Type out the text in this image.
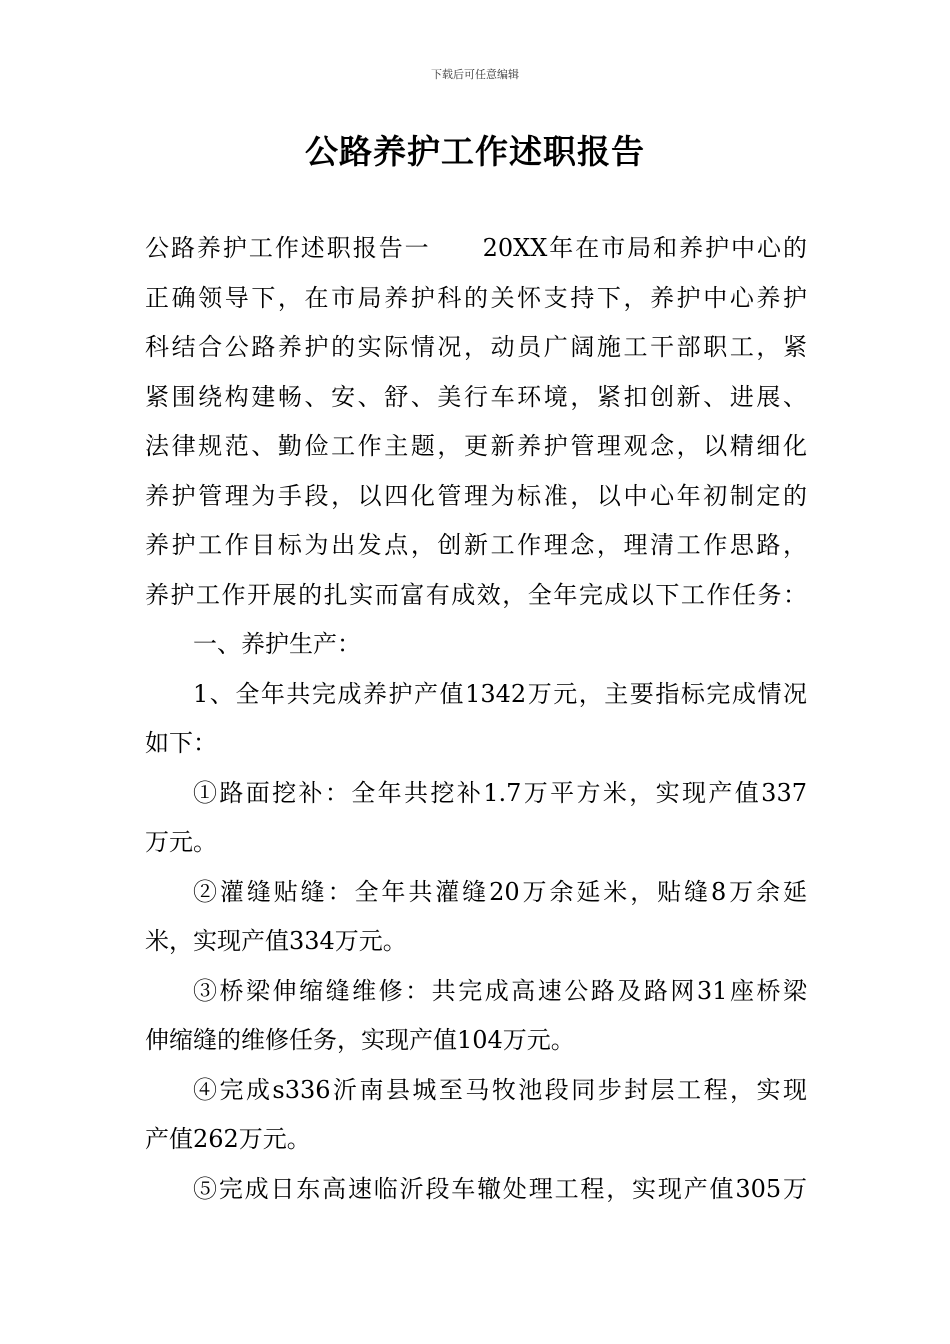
下载后可任意编辑
公路养护工作述职报告
公路养护工作述职报告一　　20XX年在市局和养护中心的
正确领导下，在市局养护科的关怀支持下，养护中心养护
科结合公路养护的实际情况，动员广阔施工干部职工，紧
紧围绕构建畅、安、舒、美行车环境，紧扣创新、进展、
法律规范、勤俭工作主题，更新养护管理观念，以精细化
养护管理为手段，以四化管理为标准，以中心年初制定的
养护工作目标为出发点，创新工作理念，理清工作思路，
养护工作开展的扎实而富有成效，全年完成以下工作任务：
一、养护生产：
1、全年共完成养护产值1342万元，主要指标完成情况
如下：
①路面挖补：全年共挖补1.7万平方米，实现产值337
万元。
②灌缝贴缝：全年共灌缝20万余延米，贴缝8万余延
米，实现产值334万元。
③桥梁伸缩缝维修：共完成高速公路及路网31座桥梁
伸缩缝的维修任务，实现产值104万元。
④完成s336沂南县城至马牧池段同步封层工程，实现
产值262万元。
⑤完成日东高速临沂段车辙处理工程，实现产值305万
